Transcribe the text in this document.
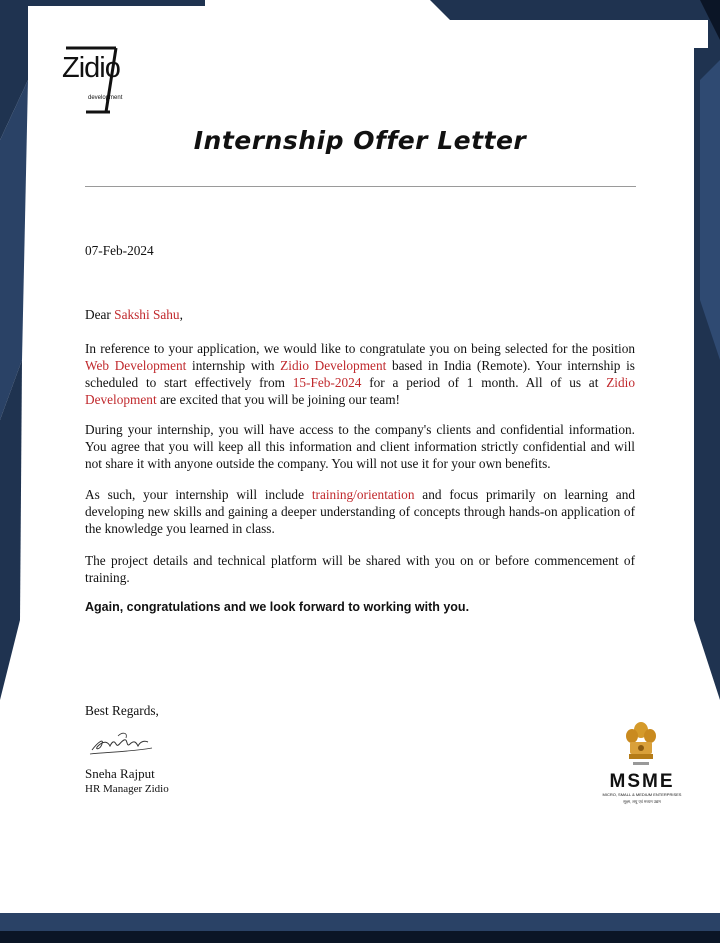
Zidio
development
Internship Offer Letter
07-Feb-2024
Dear Sakshi Sahu,
In reference to your application, we would like to congratulate you on being selected for the position Web Development internship with Zidio Development based in India (Remote). Your internship is scheduled to start effectively from 15-Feb-2024 for a period of 1 month. All of us at Zidio Development are excited that you will be joining our team!
During your internship, you will have access to the company's clients and confidential information. You agree that you will keep all this information and client information strictly confidential and will not share it with anyone outside the company. You will not use it for your own benefits.
As such, your internship will include training/orientation and focus primarily on learning and developing new skills and gaining a deeper understanding of concepts through hands-on application of the knowledge you learned in class.
The project details and technical platform will be shared with you on or before commencement of training.
Again, congratulations and we look forward to working with you.
Best Regards,
Sneha Rajput
HR Manager Zidio	MSME
MICRO, SMALL & MEDIUM ENTERPRISES
सूक्ष्म, लघु एवं मध्यम उद्यम
